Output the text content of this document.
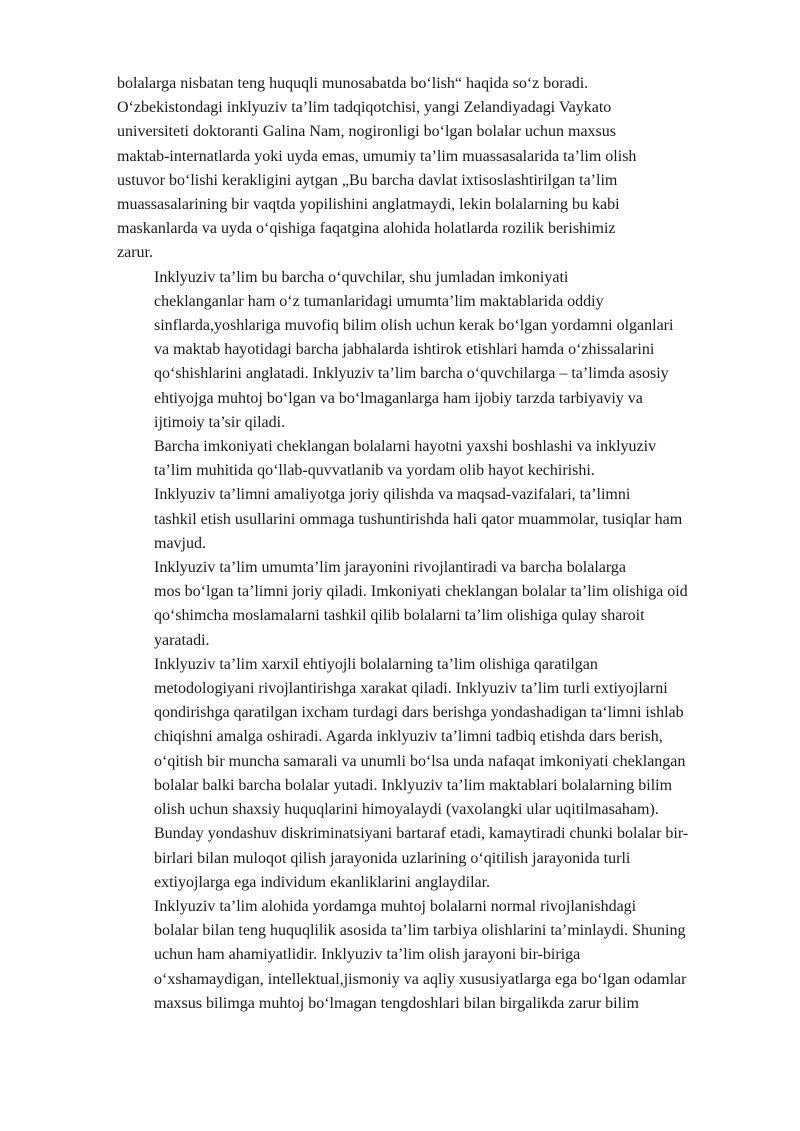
bolalarga nisbatan teng huquqli munosabatda bo‘lish“ haqida so‘z boradi.
O‘zbekistondagi inklyuziv ta’lim tadqiqotchisi, yangi Zelandiyadagi Vaykato
universiteti doktoranti Galina Nam, nogironligi bo‘lgan bolalar uchun maxsus
maktab-internatlarda yoki uyda emas, umumiy ta’lim muassasalarida ta’lim olish
ustuvor bo‘lishi kerakligini aytgan „Bu barcha davlat ixtisoslashtirilgan ta’lim
muassasalarining bir vaqtda yopilishini anglatmaydi, lekin bolalarning bu kabi
maskanlarda va uyda o‘qishiga faqatgina alohida holatlarda rozilik berishimiz
zarur.
Inklyuziv ta’lim bu barcha o‘quvchilar, shu jumladan imkoniyati
cheklanganlar ham o‘z tumanlaridagi umumta’lim maktablarida oddiy
sinflarda,yoshlariga muvofiq bilim olish uchun kerak bo‘lgan yordamni olganlari
va maktab hayotidagi barcha jabhalarda ishtirok etishlari hamda o‘zhissalarini
qo‘shishlarini anglatadi. Inklyuziv ta’lim barcha o‘quvchilarga – ta’limda asosiy
ehtiyojga muhtoj bo‘lgan va bo‘lmaganlarga ham ijobiy tarzda tarbiyaviy va
ijtimoiy ta’sir qiladi.
Barcha imkoniyati cheklangan bolalarni hayotni yaxshi boshlashi va inklyuziv
ta’lim muhitida qo‘llab-quvvatlanib va yordam olib hayot kechirishi.
Inklyuziv ta’limni amaliyotga joriy qilishda va maqsad-vazifalari, ta’limni
tashkil etish usullarini ommaga tushuntirishda hali qator muammolar, tusiqlar ham
mavjud.
Inklyuziv ta’lim umumta’lim jarayonini rivojlantiradi va barcha bolalarga
mos bo‘lgan ta’limni joriy qiladi. Imkoniyati cheklangan bolalar ta’lim olishiga oid
qo‘shimcha moslamalarni tashkil qilib bolalarni ta’lim olishiga qulay sharoit
yaratadi.
Inklyuziv ta’lim xarxil ehtiyojli bolalarning ta’lim olishiga qaratilgan
metodologiyani rivojlantirishga xarakat qiladi. Inklyuziv ta’lim turli extiyojlarni
qondirishga qaratilgan ixcham turdagi dars berishga yondashadigan ta‘limni ishlab
chiqishni amalga oshiradi. Agarda inklyuziv ta’limni tadbiq etishda dars berish,
o‘qitish bir muncha samarali va unumli bo‘lsa unda nafaqat imkoniyati cheklangan
bolalar balki barcha bolalar yutadi. Inklyuziv ta’lim maktablari bolalarning bilim
olish uchun shaxsiy huquqlarini himoyalaydi (vaxolangki ular uqitilmasaham).
Bunday yondashuv diskriminatsiyani bartaraf etadi, kamaytiradi chunki bolalar bir-
birlari bilan muloqot qilish jarayonida uzlarining o‘qitilish jarayonida turli
extiyojlarga ega individum ekanliklarini anglaydilar.
Inklyuziv ta’lim alohida yordamga muhtoj bolalarni normal rivojlanishdagi
bolalar bilan teng huquqlilik asosida ta’lim tarbiya olishlarini ta’minlaydi. Shuning
uchun ham ahamiyatlidir. Inklyuziv ta’lim olish jarayoni bir-biriga
o‘xshamaydigan, intellektual,jismoniy va aqliy xususiyatlarga ega bo‘lgan odamlar
maxsus bilimga muhtoj bo‘lmagan tengdoshlari bilan birgalikda zarur bilim
